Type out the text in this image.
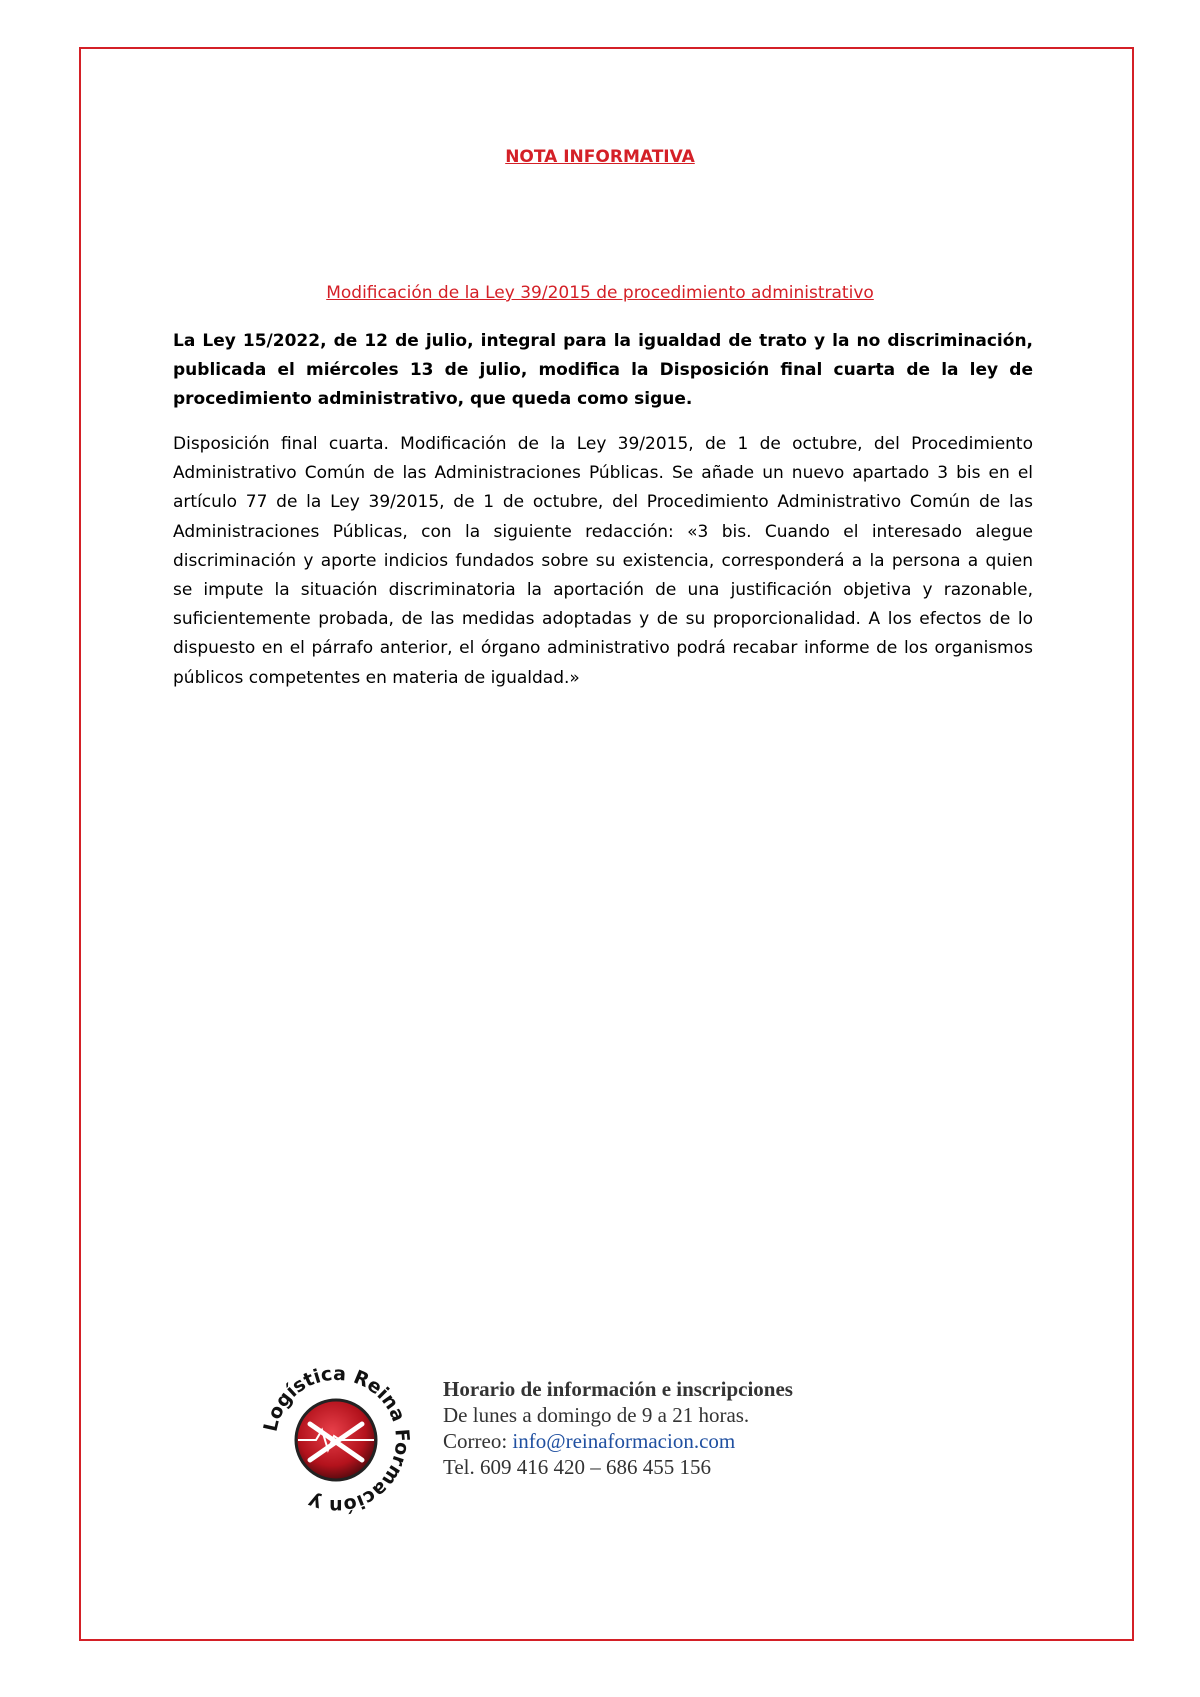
NOTA INFORMATIVA
Modificación de la Ley 39/2015 de procedimiento administrativo

La Ley 15/2022, de 12 de julio, integral para la igualdad de trato y la no discriminación, publicada el miércoles 13 de julio, modifica la Disposición final cuarta de la ley de procedimiento administrativo, que queda como sigue.

Disposición final cuarta. Modificación de la Ley 39/2015, de 1 de octubre, del Procedimiento Administrativo Común de las Administraciones Públicas. Se añade un nuevo apartado 3 bis en el artículo 77 de la Ley 39/2015, de 1 de octubre, del Procedimiento Administrativo Común de las Administraciones Públicas, con la siguiente redacción: «3 bis. Cuando el interesado alegue discriminación y aporte indicios fundados sobre su existencia, corresponderá a la persona a quien se impute la situación discriminatoria la aportación de una justificación objetiva y razonable, suficientemente probada, de las medidas adoptadas y de su proporcionalidad. A los efectos de lo dispuesto en el párrafo anterior, el órgano administrativo podrá recabar informe de los organismos públicos competentes en materia de igualdad.»

Logística Reina Formación y
Horario de información e inscripciones
De lunes a domingo de 9 a 21 horas.
Correo: info@reinaformacion.com
Tel. 609 416 420 – 686 455 156
